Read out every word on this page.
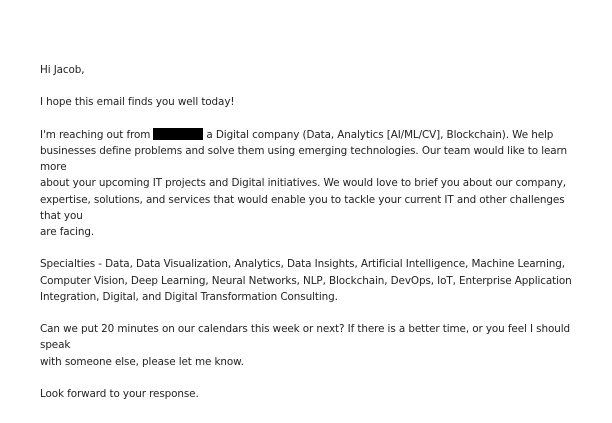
Hi Jacob,

I hope this email finds you well today!

I'm reaching out from	a Digital company (Data, Analytics [AI/ML/CV], Blockchain). We help
businesses define problems and solve them using emerging technologies. Our team would like to learn more
about your upcoming IT projects and Digital initiatives. We would love to brief you about our company,
expertise, solutions, and services that would enable you to tackle your current IT and other challenges that you
are facing.
Specialties - Data, Data Visualization, Analytics, Data Insights, Artificial Intelligence, Machine Learning,
Computer Vision, Deep Learning, Neural Networks, NLP, Blockchain, DevOps, IoT, Enterprise Application
Integration, Digital, and Digital Transformation Consulting.
Can we put 20 minutes on our calendars this week or next? If there is a better time, or you feel I should speak
with someone else, please let me know.

Look forward to your response.
